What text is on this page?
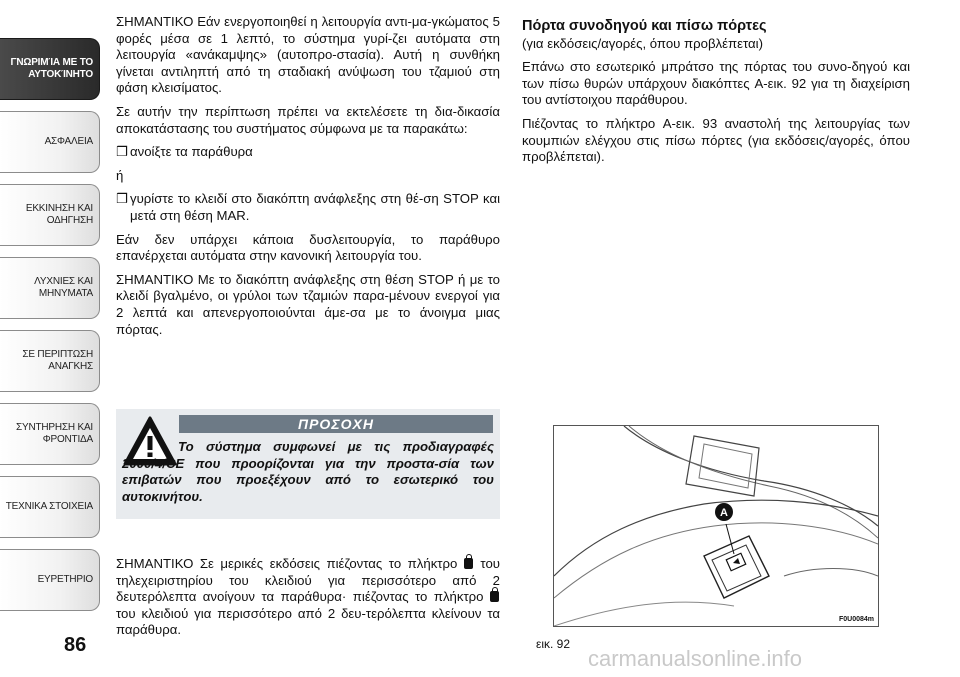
ΓΝΩΡΙΜΊΑ ΜΕ ΤΟ
ΑΥΤΟΚΊΝΗΤΟ
ΑΣΦΑΛΕΙΑ
ΕΚΚΙΝΗΣΗ ΚΑΙ
ΟΔΗΓΗΣΗ
ΛΥΧΝΙΕΣ ΚΑΙ
ΜΗΝΥΜΑΤΑ
ΣΕ ΠΕΡΙΠΤΩΣΗ
ΑΝΑΓΚΗΣ
ΣΥΝΤΗΡΗΣΗ ΚΑΙ
ΦΡΟΝΤΙΔΑ
ΤΕΧΝΙΚΑ ΣΤΟΙΧΕΙΑ
ΕΥΡΕΤΗΡΙΟ
86

ΣΗΜΑΝΤΙΚΟ Εάν ενεργοποιηθεί η λειτουργία αντι-μα-γκώματος 5 φορές μέσα σε 1 λεπτό, το σύστημα γυρί-ζει αυτόματα στη λειτουργία «ανάκαμψης» (αυτοπρο-στασία). Αυτή η συνθήκη γίνεται αντιληπτή από τη σταδιακή ανύψωση του τζαμιού στη φάση κλεισίματος.

Σε αυτήν την περίπτωση πρέπει να εκτελέσετε τη δια-δικασία αποκατάστασης του συστήματος σύμφωνα με τα παρακάτω:

❒ ανοίξτε τα παράθυρα

ή

❒ γυρίστε το κλειδί στο διακόπτη ανάφλεξης στη θέ-ση STOP και μετά στη θέση MAR.

Εάν δεν υπάρχει κάποια δυσλειτουργία, το παράθυρο επανέρχεται αυτόματα στην κανονική λειτουργία του.

ΣΗΜΑΝΤΙΚΟ Με το διακόπτη ανάφλεξης στη θέση STOP ή με το κλειδί βγαλμένο, οι γρύλοι των τζαμιών παρα-μένουν ενεργοί για 2 λεπτά και απενεργοποιούνται άμε-σα με το άνοιγμα μιας πόρτας.

ΠΡΟΣΟΧΗ
Το σύστημα συμφωνεί με τις προδιαγραφές 2000/4/CE που προορίζονται για την προστα-σία των επιβατών που προεξέχουν από το εσωτερικό του αυτοκινήτου.

ΣΗΜΑΝΤΙΚΟ Σε μερικές εκδόσεις πιέζοντας το πλήκτρο του τηλεχειριστηρίου του κλειδιού για περισσότερο από 2 δευτερόλεπτα ανοίγουν τα παράθυρα· πιέζοντας το πλήκτρο  του κλειδιού για περισσότερο από 2 δευ-τερόλεπτα κλείνουν τα παράθυρα.

Πόρτα συνοδηγού και πίσω πόρτες

(για εκδόσεις/αγορές, όπου προβλέπεται)

Επάνω στο εσωτερικό μπράτσο της πόρτας του συνο-δηγού και των πίσω θυρών υπάρχουν διακόπτες A-εικ. 92 για τη διαχείριση του αντίστοιχου παράθυρου.

Πιέζοντας το πλήκτρο A-εικ. 93 αναστολή της λειτουργίας των κουμπιών ελέγχου στις πίσω πόρτες (για εκδόσεις/αγορές, όπου προβλέπεται).

A
F0U0084m
εικ. 92
carmanualsonline.info
